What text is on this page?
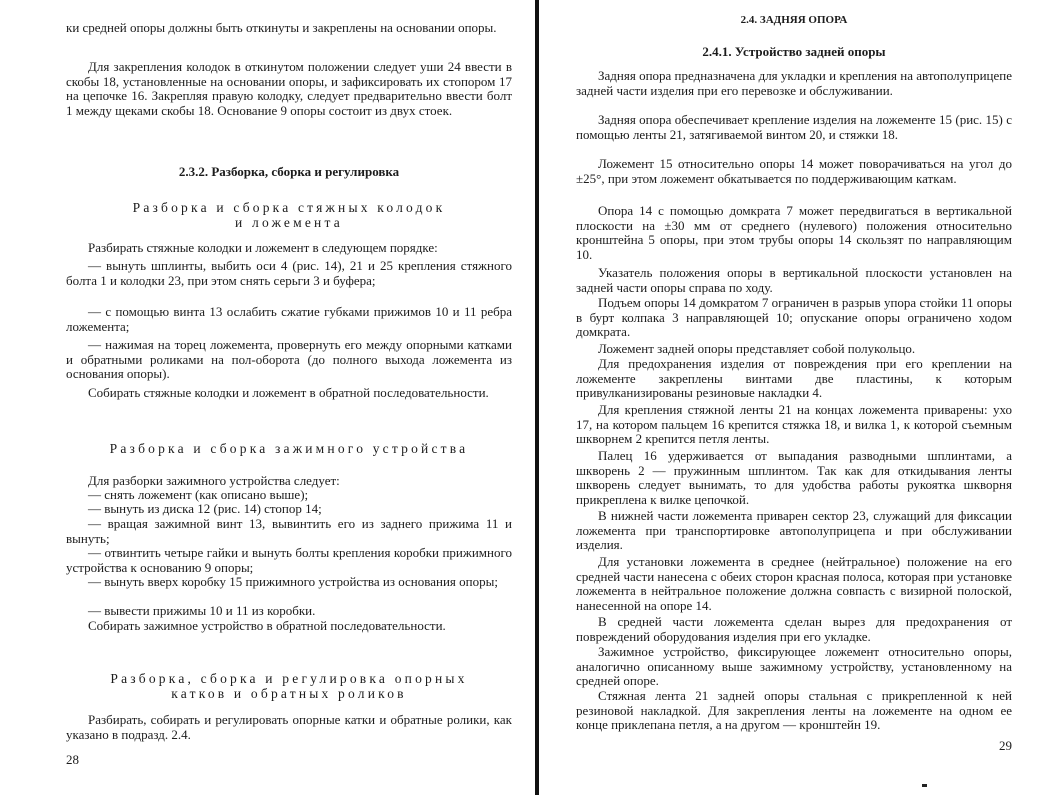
ки средней опоры должны быть откинуты и закреплены на основании опоры.

Для закрепления колодок в откинутом положении следует уши 24 ввести в скобы 18, установленные на основании опоры, и зафиксировать их стопором 17 на цепочке 16. Закрепляя правую колодку, следует предварительно ввести болт 1 между щеками скобы 18. Основание 9 опоры состоит из двух стоек.

2.3.2. Разборка, сборка и регулировка
Разборка и сборка стяжных колодок
и ложемента

Разбирать стяжные колодки и ложемент в следующем порядке:

— вынуть шплинты, выбить оси 4 (рис. 14), 21 и 25 крепления стяжного болта 1 и колодки 23, при этом снять серьги 3 и буфера;

— с помощью винта 13 ослабить сжатие губками прижимов 10 и 11 ребра ложемента;

— нажимая на торец ложемента, провернуть его между опорными катками и обратными роликами на пол-оборота (до полного выхода ложемента из основания опоры).

Собирать стяжные колодки и ложемент в обратной последовательности.

Разборка и сборка зажимного устройства

Для разборки зажимного устройства следует:

— снять ложемент (как описано выше);

— вынуть из диска 12 (рис. 14) стопор 14;

— вращая зажимной винт 13, вывинтить его из заднего прижима 11 и вынуть;

— отвинтить четыре гайки и вынуть болты крепления коробки прижимного устройства к основанию 9 опоры;

— вынуть вверх коробку 15 прижимного устройства из основания опоры;

— вывести прижимы 10 и 11 из коробки.

Собирать зажимное устройство в обратной последовательности.

Разборка, сборка и регулировка опорных
катков и обратных роликов

Разбирать, собирать и регулировать опорные катки и обратные ролики, как указано в подразд. 2.4.

28
2.4. ЗАДНЯЯ ОПОРА
2.4.1. Устройство задней опоры

Задняя опора предназначена для укладки и крепления на автополуприцепе задней части изделия при его перевозке и обслуживании.

Задняя опора обеспечивает крепление изделия на ложементе 15 (рис. 15) с помощью ленты 21, затягиваемой винтом 20, и стяжки 18.

Ложемент 15 относительно опоры 14 может поворачиваться на угол до ±25°, при этом ложемент обкатывается по поддерживающим каткам.

Опора 14 с помощью домкрата 7 может передвигаться в вертикальной плоскости на ±30 мм от среднего (нулевого) положения относительно кронштейна 5 опоры, при этом трубы опоры 14 скользят по направляющим 10.

Указатель положения опоры в вертикальной плоскости установлен на задней части опоры справа по ходу.

Подъем опоры 14 домкратом 7 ограничен в разрыв упора стойки 11 опоры в бурт колпака 3 направляющей 10; опускание опоры ограничено ходом домкрата.

Ложемент задней опоры представляет собой полукольцо.

Для предохранения изделия от повреждения при его креплении на ложементе закреплены винтами две пластины, к которым привулканизированы резиновые накладки 4.

Для крепления стяжной ленты 21 на концах ложемента приварены: ухо 17, на котором пальцем 16 крепится стяжка 18, и вилка 1, к которой съемным шкворнем 2 крепится петля ленты.

Палец 16 удерживается от выпадания разводными шплинтами, а шкворень 2 — пружинным шплинтом. Так как для откидывания ленты шкворень следует вынимать, то для удобства работы рукоятка шкворня прикреплена к вилке цепочкой.

В нижней части ложемента приварен сектор 23, служащий для фиксации ложемента при транспортировке автополуприцепа и при обслуживании изделия.

Для установки ложемента в среднее (нейтральное) положение на его средней части нанесена с обеих сторон красная полоса, которая при установке ложемента в нейтральное положение должна совпасть с визирной полоской, нанесенной на опоре 14.

В средней части ложемента сделан вырез для предохранения от повреждений оборудования изделия при его укладке.

Зажимное устройство, фиксирующее ложемент относительно опоры, аналогично описанному выше зажимному устройству, установленному на средней опоре.

Стяжная лента 21 задней опоры стальная с прикрепленной к ней резиновой накладкой. Для закрепления ленты на ложементе на одном ее конце приклепана петля, а на другом — кронштейн 19.

29
